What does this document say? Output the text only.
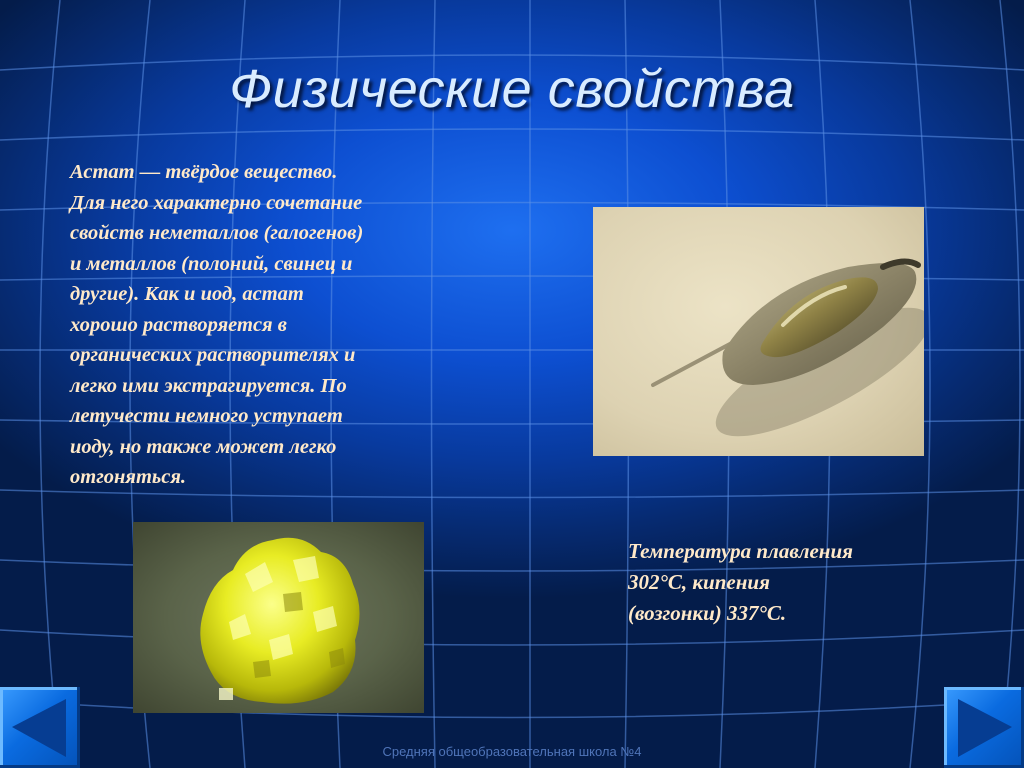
Физические свойства
Астат — твёрдое вещество.
Для него характерно сочетание
свойств неметаллов (галогенов)
и металлов (полоний, свинец и
другие). Как и иод, астат
хорошо растворяется в
органических растворителях и
легко ими экстрагируется. По
летучести немного уступает
иоду, но также может легко
отгоняться.
Температура плавления
302°C, кипения
(возгонки) 337°C.
Средняя общеобразовательная школа №4
